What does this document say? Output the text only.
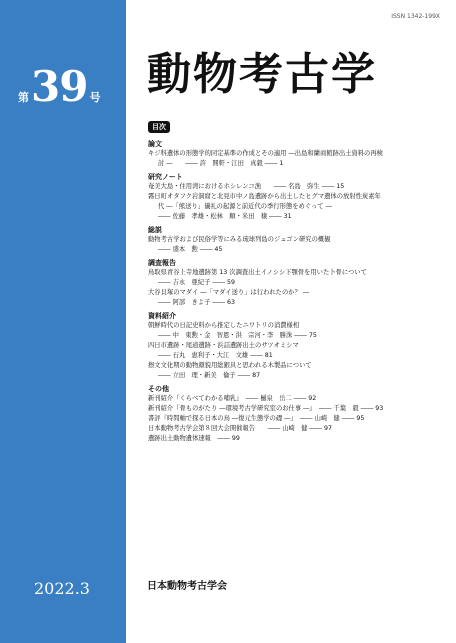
第39 号
2022.3
ISSN 1342-199X
動物考古学
目次
論文
キジ科遺体の形態学的同定基準の作成とその適用 ―出島和蘭商館跡出土資料の再検
討 ―　　―― 許　開軒・江田　真毅 ―― 1
研究ノート
奄美大島・住用湾におけるホシレンコ漁　　―― 名島　弥生 ―― 15
霧日町オタフク岩洞窟と北見市中ノ島遺跡から出土したヒグマ遺体の放射性炭素年
代 ―「熊送り」儀礼の起源と前近代の季行形態をめぐって ―
―― 佐藤　孝雄・松林　順・米田　穣 ―― 31
総説
動物考古学および民俗学等にみる琉球列島のジュゴン研究の概観
―― 盛本　勲 ―― 45
調査報告
鳥取県青谷上寺地遺跡第 13 次調査出土イノシシ下顎骨を用いた卜骨について
―― 吉永　亜紀子 ―― 59
大谷貝塚のマダイ ―「マダイ送り」は行われたのか？ ―
―― 阿部　きよ子 ―― 63
資料紹介
朝鮮時代の日記史料から推定したニワトリの消費様相
―― 中　東勲・金　智恩・洪　宗河・李　勝洙 ―― 75
四日市遺跡・尾道遺跡・浜詰遺跡出土のサツオミシマ
―― 石丸　恵利子・大江　文雄 ―― 81
擦文文化期の動物顔貌用総銀具と思われる木製品について
―― 立田　理・新美　倫子 ―― 87
その他
新刊紹介『くらべてわかる哺乳』　―― 樋泉　岳二 ―― 92
新刊紹介『骨ものがたり ―環境考古学研究室のお仕事 ―』　―― 千葉　毅 ―― 93
書評『時間軸で探る日本の鳥 ―復元生態学の礎 ―』　―― 山崎　健 ―― 95
日本動物考古学会第８回大会開催報告　　―― 山崎　健 ―― 97
遺跡出土動物遺体速報　―― 99
日本動物考古学会
